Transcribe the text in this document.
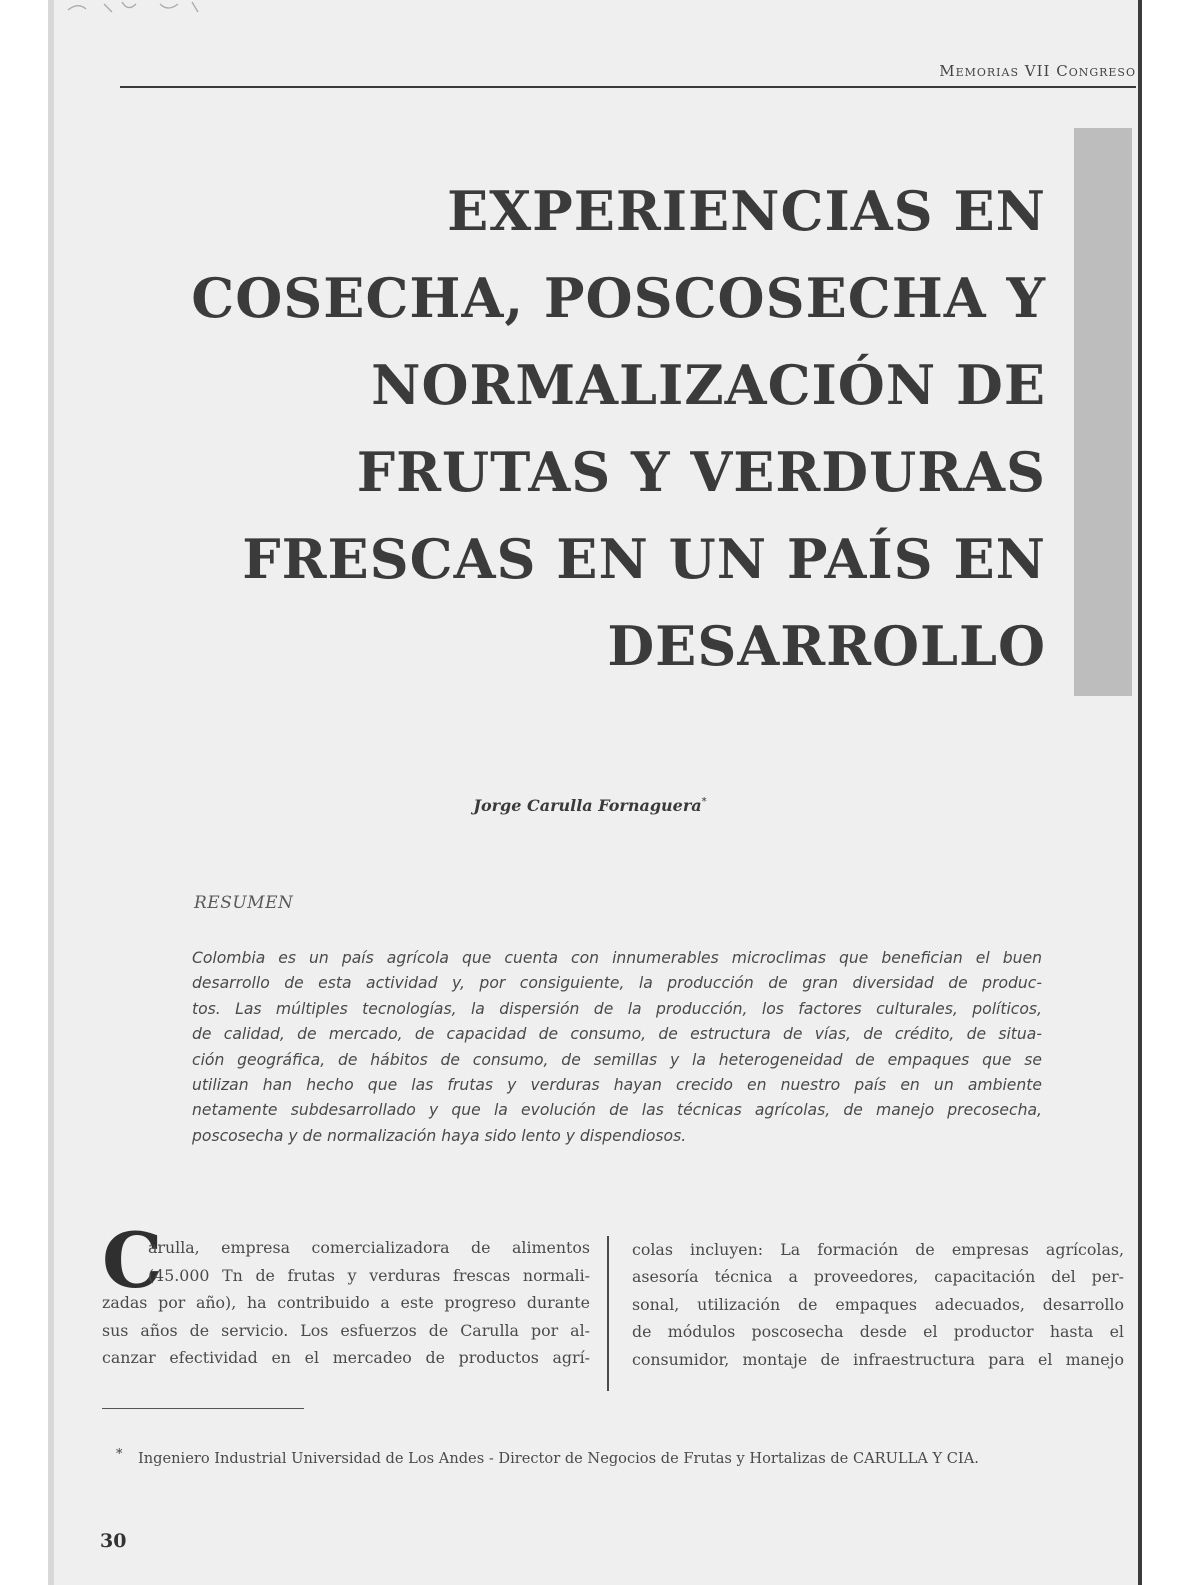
Memorias VII Congreso
EXPERIENCIAS EN
COSECHA, POSCOSECHA Y
NORMALIZACIÓN DE
FRUTAS Y VERDURAS
FRESCAS EN UN PAÍS EN
DESARROLLO
Jorge Carulla Fornaguera*
RESUMEN
Colombia es un país agrícola que cuenta con innumerables microclimas que benefician el buen
desarrollo de esta actividad y, por consiguiente, la producción de gran diversidad de produc-
tos. Las múltiples tecnologías, la dispersión de la producción, los factores culturales, políticos,
de calidad, de mercado, de capacidad de consumo, de estructura de vías, de crédito, de situa-
ción geográfica, de hábitos de consumo, de semillas y la heterogeneidad de empaques que se
utilizan han hecho que las frutas y verduras hayan crecido en nuestro país en un ambiente
netamente subdesarrollado y que la evolución de las técnicas agrícolas, de manejo precosecha,
poscosecha y de normalización haya sido lento y dispendiosos.
C
arulla, empresa comercializadora de alimentos
(45.000 Tn de frutas y verduras frescas normali-
zadas por año), ha contribuido a este progreso durante
sus años de servicio. Los esfuerzos de Carulla por al-
canzar efectividad en el mercadeo de productos agrí-
colas incluyen: La formación de empresas agrícolas,
asesoría técnica a proveedores, capacitación del per-
sonal, utilización de empaques adecuados, desarrollo
de módulos poscosecha desde el productor hasta el
consumidor, montaje de infraestructura para el manejo
* Ingeniero Industrial Universidad de Los Andes - Director de Negocios de Frutas y Hortalizas de CARULLA Y CIA.
30
